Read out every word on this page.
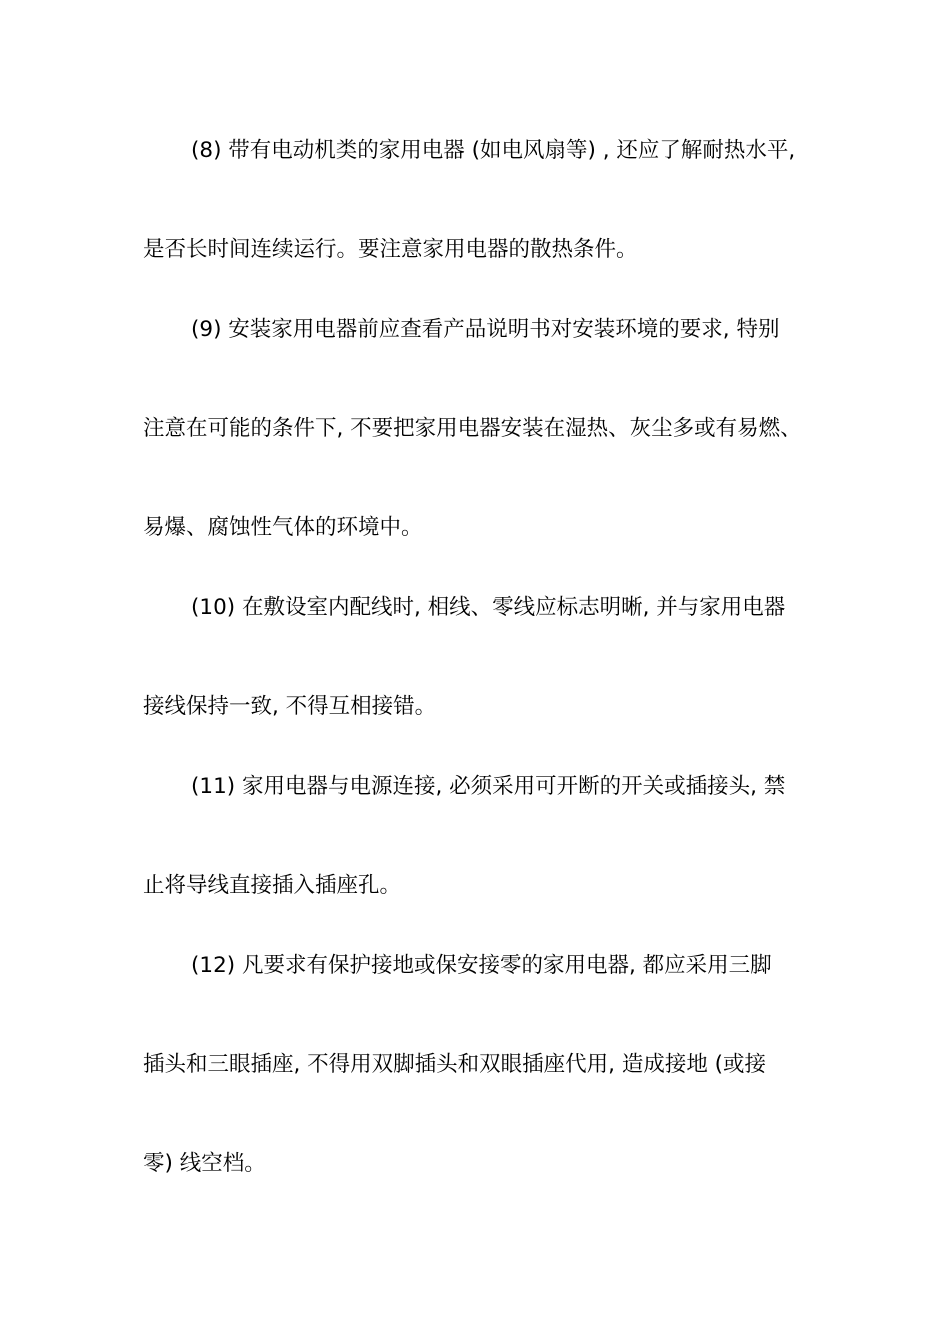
(8) 带有电动机类的家用电器 (如电风扇等) , 还应了解耐热水平,
是否长时间连续运行。要注意家用电器的散热条件。
(9) 安装家用电器前应查看产品说明书对安装环境的要求, 特别
注意在可能的条件下, 不要把家用电器安装在湿热、灰尘多或有易燃、
易爆、腐蚀性气体的环境中。
(10) 在敷设室内配线时, 相线、零线应标志明晰, 并与家用电器
接线保持一致, 不得互相接错。
(11) 家用电器与电源连接, 必须采用可开断的开关或插接头, 禁
止将导线直接插入插座孔。
(12) 凡要求有保护接地或保安接零的家用电器, 都应采用三脚
插头和三眼插座, 不得用双脚插头和双眼插座代用, 造成接地 (或接
零) 线空档。
